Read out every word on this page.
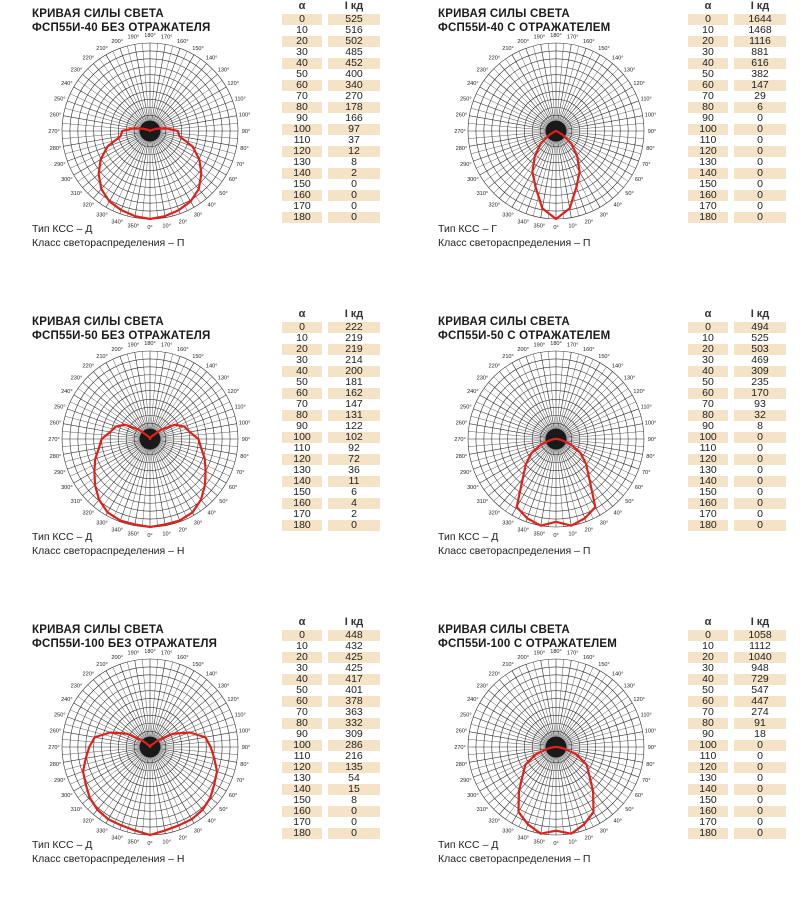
КРИВАЯ СИЛЫ СВЕТА
ФСП55И-40 БЕЗ ОТРАЖАТЕЛЯ
0° 10°
20°
30°
40°
50°
60°
70°
80°
90°
100°
110°
120°
130°
140°
150°
160°
170°
180°
190°
200°
210°
220°
230°
240°
250°
260°
270°
280°
290°
300°
310°
320°
330°
340°
350°
Тип КСС – Д
Класс светораспределения – П
α	I кд
0	525
10	516
20	502
30	485
40	452
50	400
60	340
70	270
80	178
90	166
100	97
110	37
120	12
130	8
140	2
150	0
160	0
170	0
180	0
КРИВАЯ СИЛЫ СВЕТА
ФСП55И-40 С ОТРАЖАТЕЛЕМ
0° 10°
20°
30°
40°
50°
60°
70°
80°
90°
100°
110°
120°
130°
140°
150°
160°
170°
180°
190°
200°
210°
220°
230°
240°
250°
260°
270°
280°
290°
300°
310°
320°
330°
340°
350°
Тип КСС – Г
Класс светораспределения – П
α	I кд
0	1644
10	1468
20	1116
30	881
40	616
50	382
60	147
70	29
80	6
90	0
100	0
110	0
120	0
130	0
140	0
150	0
160	0
170	0
180	0
КРИВАЯ СИЛЫ СВЕТА
ФСП55И-50 БЕЗ ОТРАЖАТЕЛЯ
0° 10°
20°
30°
40°
50°
60°
70°
80°
90°
100°
110°
120°
130°
140°
150°
160°
170°
180°
190°
200°
210°
220°
230°
240°
250°
260°
270°
280°
290°
300°
310°
320°
330°
340°
350°
Тип КСС – Д
Класс светораспределения – Н
α	I кд
0	222
10	219
20	219
30	214
40	200
50	181
60	162
70	147
80	131
90	122
100	102
110	92
120	72
130	36
140	11
150	6
160	4
170	2
180	0
КРИВАЯ СИЛЫ СВЕТА
ФСП55И-50 С ОТРАЖАТЕЛЕМ
0° 10°
20°
30°
40°
50°
60°
70°
80°
90°
100°
110°
120°
130°
140°
150°
160°
170°
180°
190°
200°
210°
220°
230°
240°
250°
260°
270°
280°
290°
300°
310°
320°
330°
340°
350°
Тип КСС – Д
Класс светораспределения – П
α	I кд
0	494
10	525
20	503
30	469
40	309
50	235
60	170
70	93
80	32
90	8
100	0
110	0
120	0
130	0
140	0
150	0
160	0
170	0
180	0
КРИВАЯ СИЛЫ СВЕТА
ФСП55И-100 БЕЗ ОТРАЖАТЕЛЯ
0° 10°
20°
30°
40°
50°
60°
70°
80°
90°
100°
110°
120°
130°
140°
150°
160°
170°
180°
190°
200°
210°
220°
230°
240°
250°
260°
270°
280°
290°
300°
310°
320°
330°
340°
350°
Тип КСС – Д
Класс светораспределения – Н
α	I кд
0	448
10	432
20	425
30	425
40	417
50	401
60	378
70	363
80	332
90	309
100	286
110	216
120	135
130	54
140	15
150	8
160	0
170	0
180	0
КРИВАЯ СИЛЫ СВЕТА
ФСП55И-100 С ОТРАЖАТЕЛЕМ
0° 10°
20°
30°
40°
50°
60°
70°
80°
90°
100°
110°
120°
130°
140°
150°
160°
170°
180°
190°
200°
210°
220°
230°
240°
250°
260°
270°
280°
290°
300°
310°
320°
330°
340°
350°
Тип КСС – Д
Класс светораспределения – П
α	I кд
0	1058
10	1112
20	1040
30	948
40	729
50	547
60	447
70	274
80	91
90	18
100	0
110	0
120	0
130	0
140	0
150	0
160	0
170	0
180	0
